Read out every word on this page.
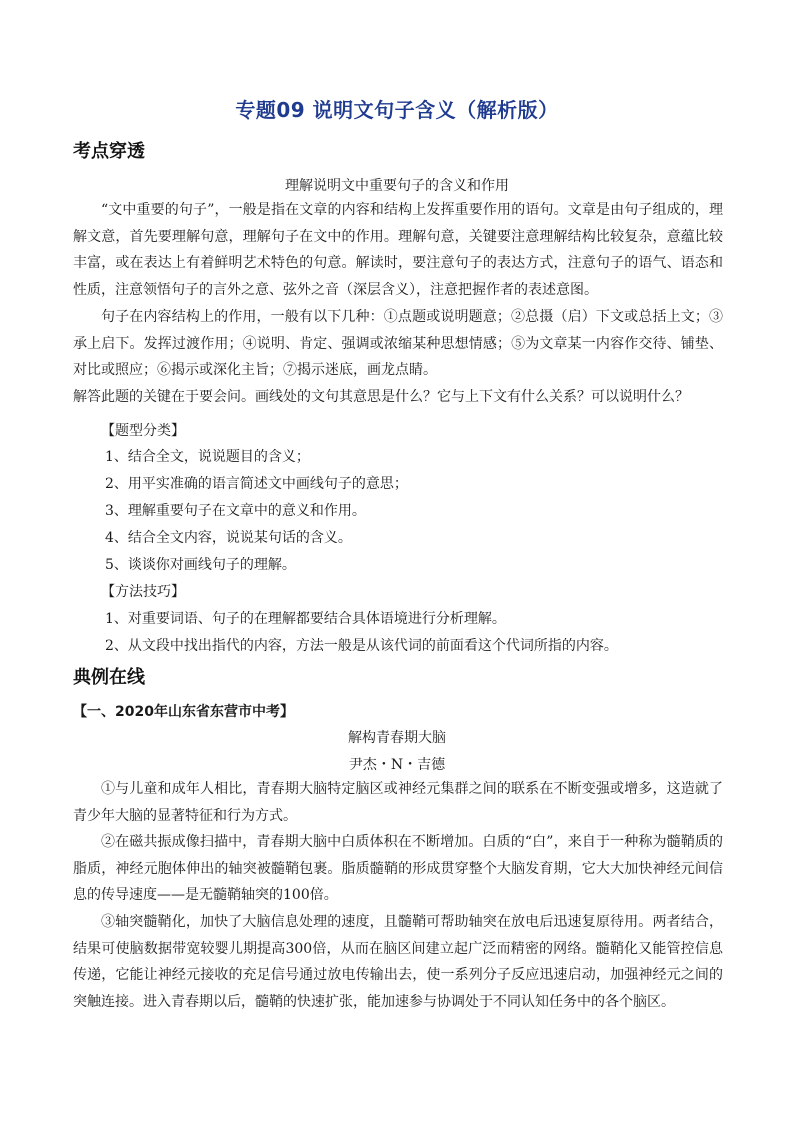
专题09 说明文句子含义（解析版）
考点穿透
理解说明文中重要句子的含义和作用

“文中重要的句子”，一般是指在文章的内容和结构上发挥重要作用的语句。文章是由句子组成的，理解文意，首先要理解句意，理解句子在文中的作用。理解句意，关键要注意理解结构比较复杂，意蕴比较丰富，或在表达上有着鲜明艺术特色的句意。解读时，要注意句子的表达方式，注意句子的语气、语态和性质，注意领悟句子的言外之意、弦外之音（深层含义），注意把握作者的表述意图。

句子在内容结构上的作用，一般有以下几种：①点题或说明题意；②总摄（启）下文或总括上文；③承上启下。发挥过渡作用；④说明、肯定、强调或浓缩某种思想情感；⑤为文章某一内容作交待、铺垫、对比或照应；⑥揭示或深化主旨；⑦揭示迷底，画龙点睛。

解答此题的关键在于要会问。画线处的文句其意思是什么？它与上下文有什么关系？可以说明什么？

【题型分类】
1、结合全文，说说题目的含义；
2、用平实准确的语言简述文中画线句子的意思；
3、理解重要句子在文章中的意义和作用。
4、结合全文内容，说说某句话的含义。
5、谈谈你对画线句子的理解。
【方法技巧】
1、对重要词语、句子的在理解都要结合具体语境进行分析理解。
2、从文段中找出指代的内容，方法一般是从该代词的前面看这个代词所指的内容。
典例在线
【一、2020年山东省东营市中考】
解构青春期大脑
尹杰・N・吉德

①与儿童和成年人相比，青春期大脑特定脑区或神经元集群之间的联系在不断变强或增多，这造就了青少年大脑的显著特征和行为方式。

②在磁共振成像扫描中，青春期大脑中白质体积在不断增加。白质的“白”，来自于一种称为髓鞘质的脂质，神经元胞体伸出的轴突被髓鞘包裹。脂质髓鞘的形成贯穿整个大脑发育期，它大大加快神经元间信息的传导速度——是无髓鞘轴突的100倍。

③轴突髓鞘化，加快了大脑信息处理的速度，且髓鞘可帮助轴突在放电后迅速复原待用。两者结合，结果可使脑数据带宽较婴儿期提高300倍，从而在脑区间建立起广泛而精密的网络。髓鞘化又能管控信息传递，它能让神经元接收的充足信号通过放电传输出去，使一系列分子反应迅速启动，加强神经元之间的突触连接。进入青春期以后，髓鞘的快速扩张，能加速参与协调处于不同认知任务中的各个脑区。
